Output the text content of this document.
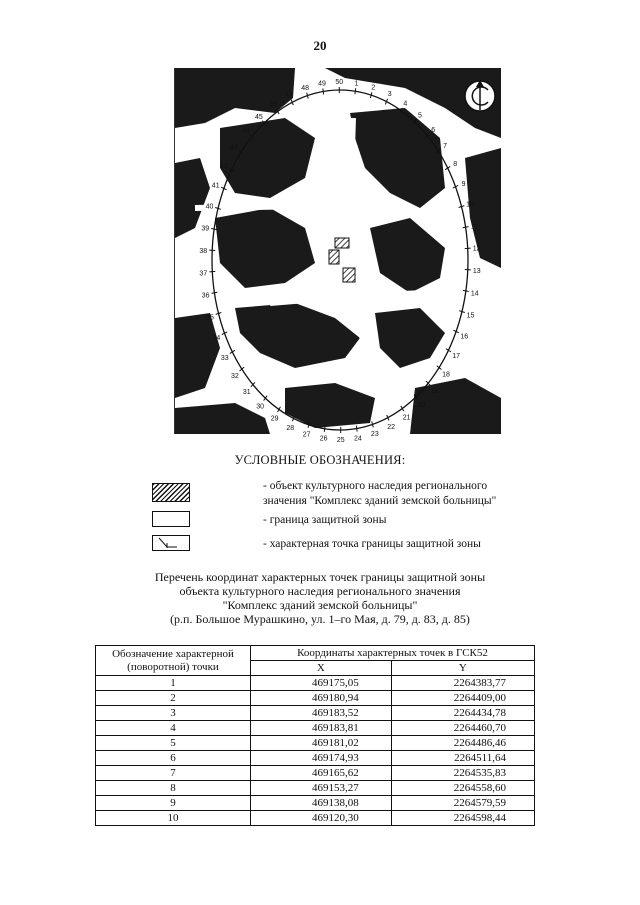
20
1
2
3
4
5
6
7
8
9
10
11
12
13
14
15
16
17
18
19
20
21
22
23
24
25
26
27
28
29
30
31
32
33
34
35
36
37
38
39
40
41
42
43
44
45
46
47
48
49 50
УСЛОВНЫЕ ОБОЗНАЧЕНИЯ:
- объект культурного наследия регионального
значения "Комплекс зданий земской больницы"
- граница защитной зоны
- характерная точка границы защитной зоны
Перечень координат характерных точек границы защитной зоны
объекта культурного наследия регионального значения
"Комплекс зданий земской больницы"
(р.п. Большое Мурашкино, ул. 1–го Мая, д. 79, д. 83, д. 85)
Обозначение характерной
(поворотной) точки	Координаты характерных точек в ГСК52	
	X	Y
1	469175,05	2264383,77
2	469180,94	2264409,00
3	469183,52	2264434,78
4	469183,81	2264460,70
5	469181,02	2264486,46
6	469174,93	2264511,64
7	469165,62	2264535,83
8	469153,27	2264558,60
9	469138,08	2264579,59
10	469120,30	2264598,44
